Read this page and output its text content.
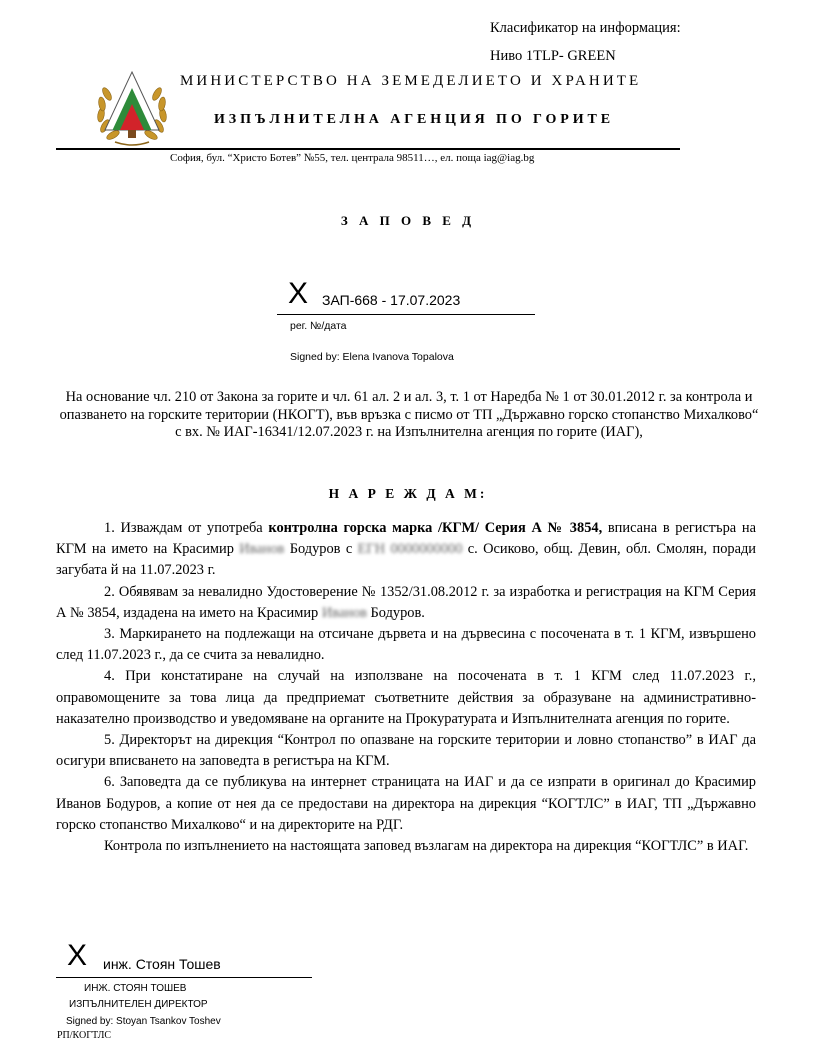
Класификатор на информация:
Ниво 1TLP- GREEN
МИНИСТЕРСТВО НА ЗЕМЕДЕЛИЕТО И ХРАНИТЕ
ИЗПЪЛНИТЕЛНА АГЕНЦИЯ ПО ГОРИТЕ
София, бул. “Христо Ботев” №55, тел. централа 98511…, ел. поща iag@iag.bg
З А П О В Е Д
X ЗАП-668 - 17.07.2023
рег. №/дата
Signed by: Elena Ivanova Topalova
На основание чл. 210 от Закона за горите и чл. 61 ал. 2 и ал. 3, т. 1 от Наредба № 1 от 30.01.2012 г. за контрола и опазването на горските територии (НКОГТ), във връзка с писмо от ТП „Държавно горско стопанство Михалково“ с вх. № ИАГ-16341/12.07.2023 г. на Изпълнителна агенция по горите (ИАГ),
Н А Р Е Ж Д А М:

1. Изваждам от употреба контролна горска марка /КГМ/ Серия А № 3854, вписана в регистъра на КГМ на името на Красимир Иванов Бодуров с ЕГН 0000000000 с. Осиково, общ. Девин, обл. Смолян, поради загубата й на 11.07.2023 г.

2. Обявявам за невалидно Удостоверение № 1352/31.08.2012 г. за изработка и регистрация на КГМ Серия А № 3854, издадена на името на Красимир Иванов Бодуров.

3. Маркирането на подлежащи на отсичане дървета и на дървесина с посочената в т. 1 КГМ, извършено след 11.07.2023 г., да се счита за невалидно.

4. При констатиране на случай на използване на посочената в т. 1 КГМ след 11.07.2023 г., оправомощените за това лица да предприемат съответните действия за образуване на административно-наказателно производство и уведомяване на органите на Прокуратурата и Изпълнителната агенция по горите.

5. Директорът на дирекция “Контрол по опазване на горските територии и ловно стопанство” в ИАГ да осигури вписването на заповедта в регистъра на КГМ.

6. Заповедта да се публикува на интернет страницата на ИАГ и да се изпрати в оригинал до Красимир Иванов Бодуров, а копие от нея да се предостави на директора на дирекция “КОГТЛС” в ИАГ, ТП „Държавно горско стопанство Михалково“ и на директорите на РДГ.

Контрола по изпълнението на настоящата заповед възлагам на директора на дирекция “КОГТЛС” в ИАГ.

X инж. Стоян Тошев
ИНЖ. СТОЯН ТОШЕВ
ИЗПЪЛНИТЕЛЕН ДИРЕКТОР
Signed by: Stoyan Tsankov Toshev
РП/КОГТЛС
